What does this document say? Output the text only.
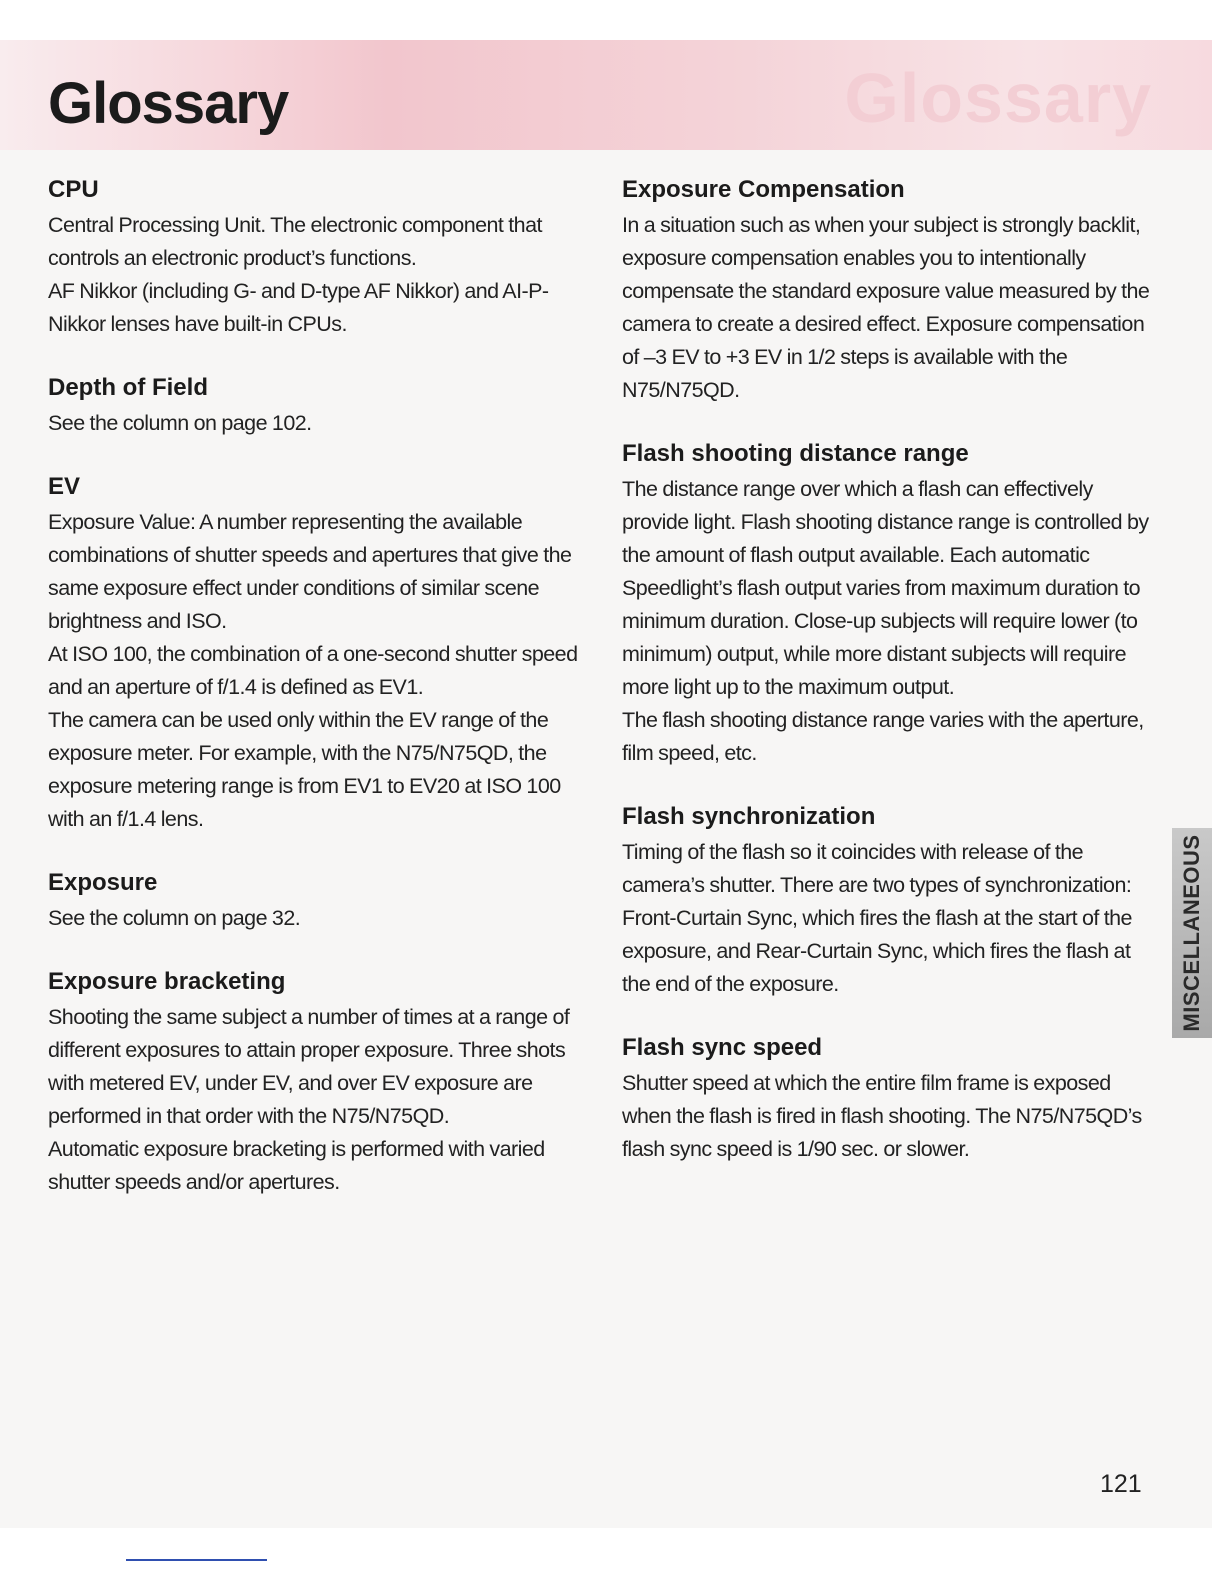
Glossary
Glossary
CPU

Central Processing Unit. The electronic component that controls an electronic product’s functions.

AF Nikkor (including G- and D-type AF Nikkor) and AI-P-Nikkor lenses have built-in CPUs.

Depth of Field

See the column on page 102.

EV

Exposure Value: A number representing the available combinations of shutter speeds and apertures that give the same exposure effect under conditions of similar scene brightness and ISO.

At ISO 100, the combination of a one-second shutter speed and an aperture of f/1.4 is defined as EV1.

The camera can be used only within the EV range of the exposure meter. For example, with the N75/N75QD, the exposure metering range is from EV1 to EV20 at ISO 100 with an f/1.4 lens.

Exposure

See the column on page 32.

Exposure bracketing

Shooting the same subject a number of times at a range of different exposures to attain proper exposure. Three shots with metered EV, under EV, and over EV exposure are performed in that order with the N75/N75QD.

Automatic exposure bracketing is performed with varied shutter speeds and/or apertures.

Exposure Compensation

In a situation such as when your subject is strongly backlit, exposure compensation enables you to intentionally compensate the standard exposure value measured by the camera to create a desired effect. Exposure compensation of –3 EV to +3 EV in 1/2 steps is available with the N75/N75QD.

Flash shooting distance range

The distance range over which a flash can effectively provide light. Flash shooting distance range is controlled by the amount of flash output available. Each automatic Speedlight’s flash output varies from maximum duration to minimum duration. Close-up subjects will require lower (to minimum) output, while more distant subjects will require more light up to the maximum output.

The flash shooting distance range varies with the aperture, film speed, etc.

Flash synchronization

Timing of the flash so it coincides with release of the camera’s shutter. There are two types of synchronization: Front-Curtain Sync, which fires the flash at the start of the exposure, and Rear-Curtain Sync, which fires the flash at the end of the exposure.

Flash sync speed

Shutter speed at which the entire film frame is exposed when the flash is fired in flash shooting. The N75/N75QD’s flash sync speed is 1/90 sec. or slower.

MISCELLANEOUS
121
